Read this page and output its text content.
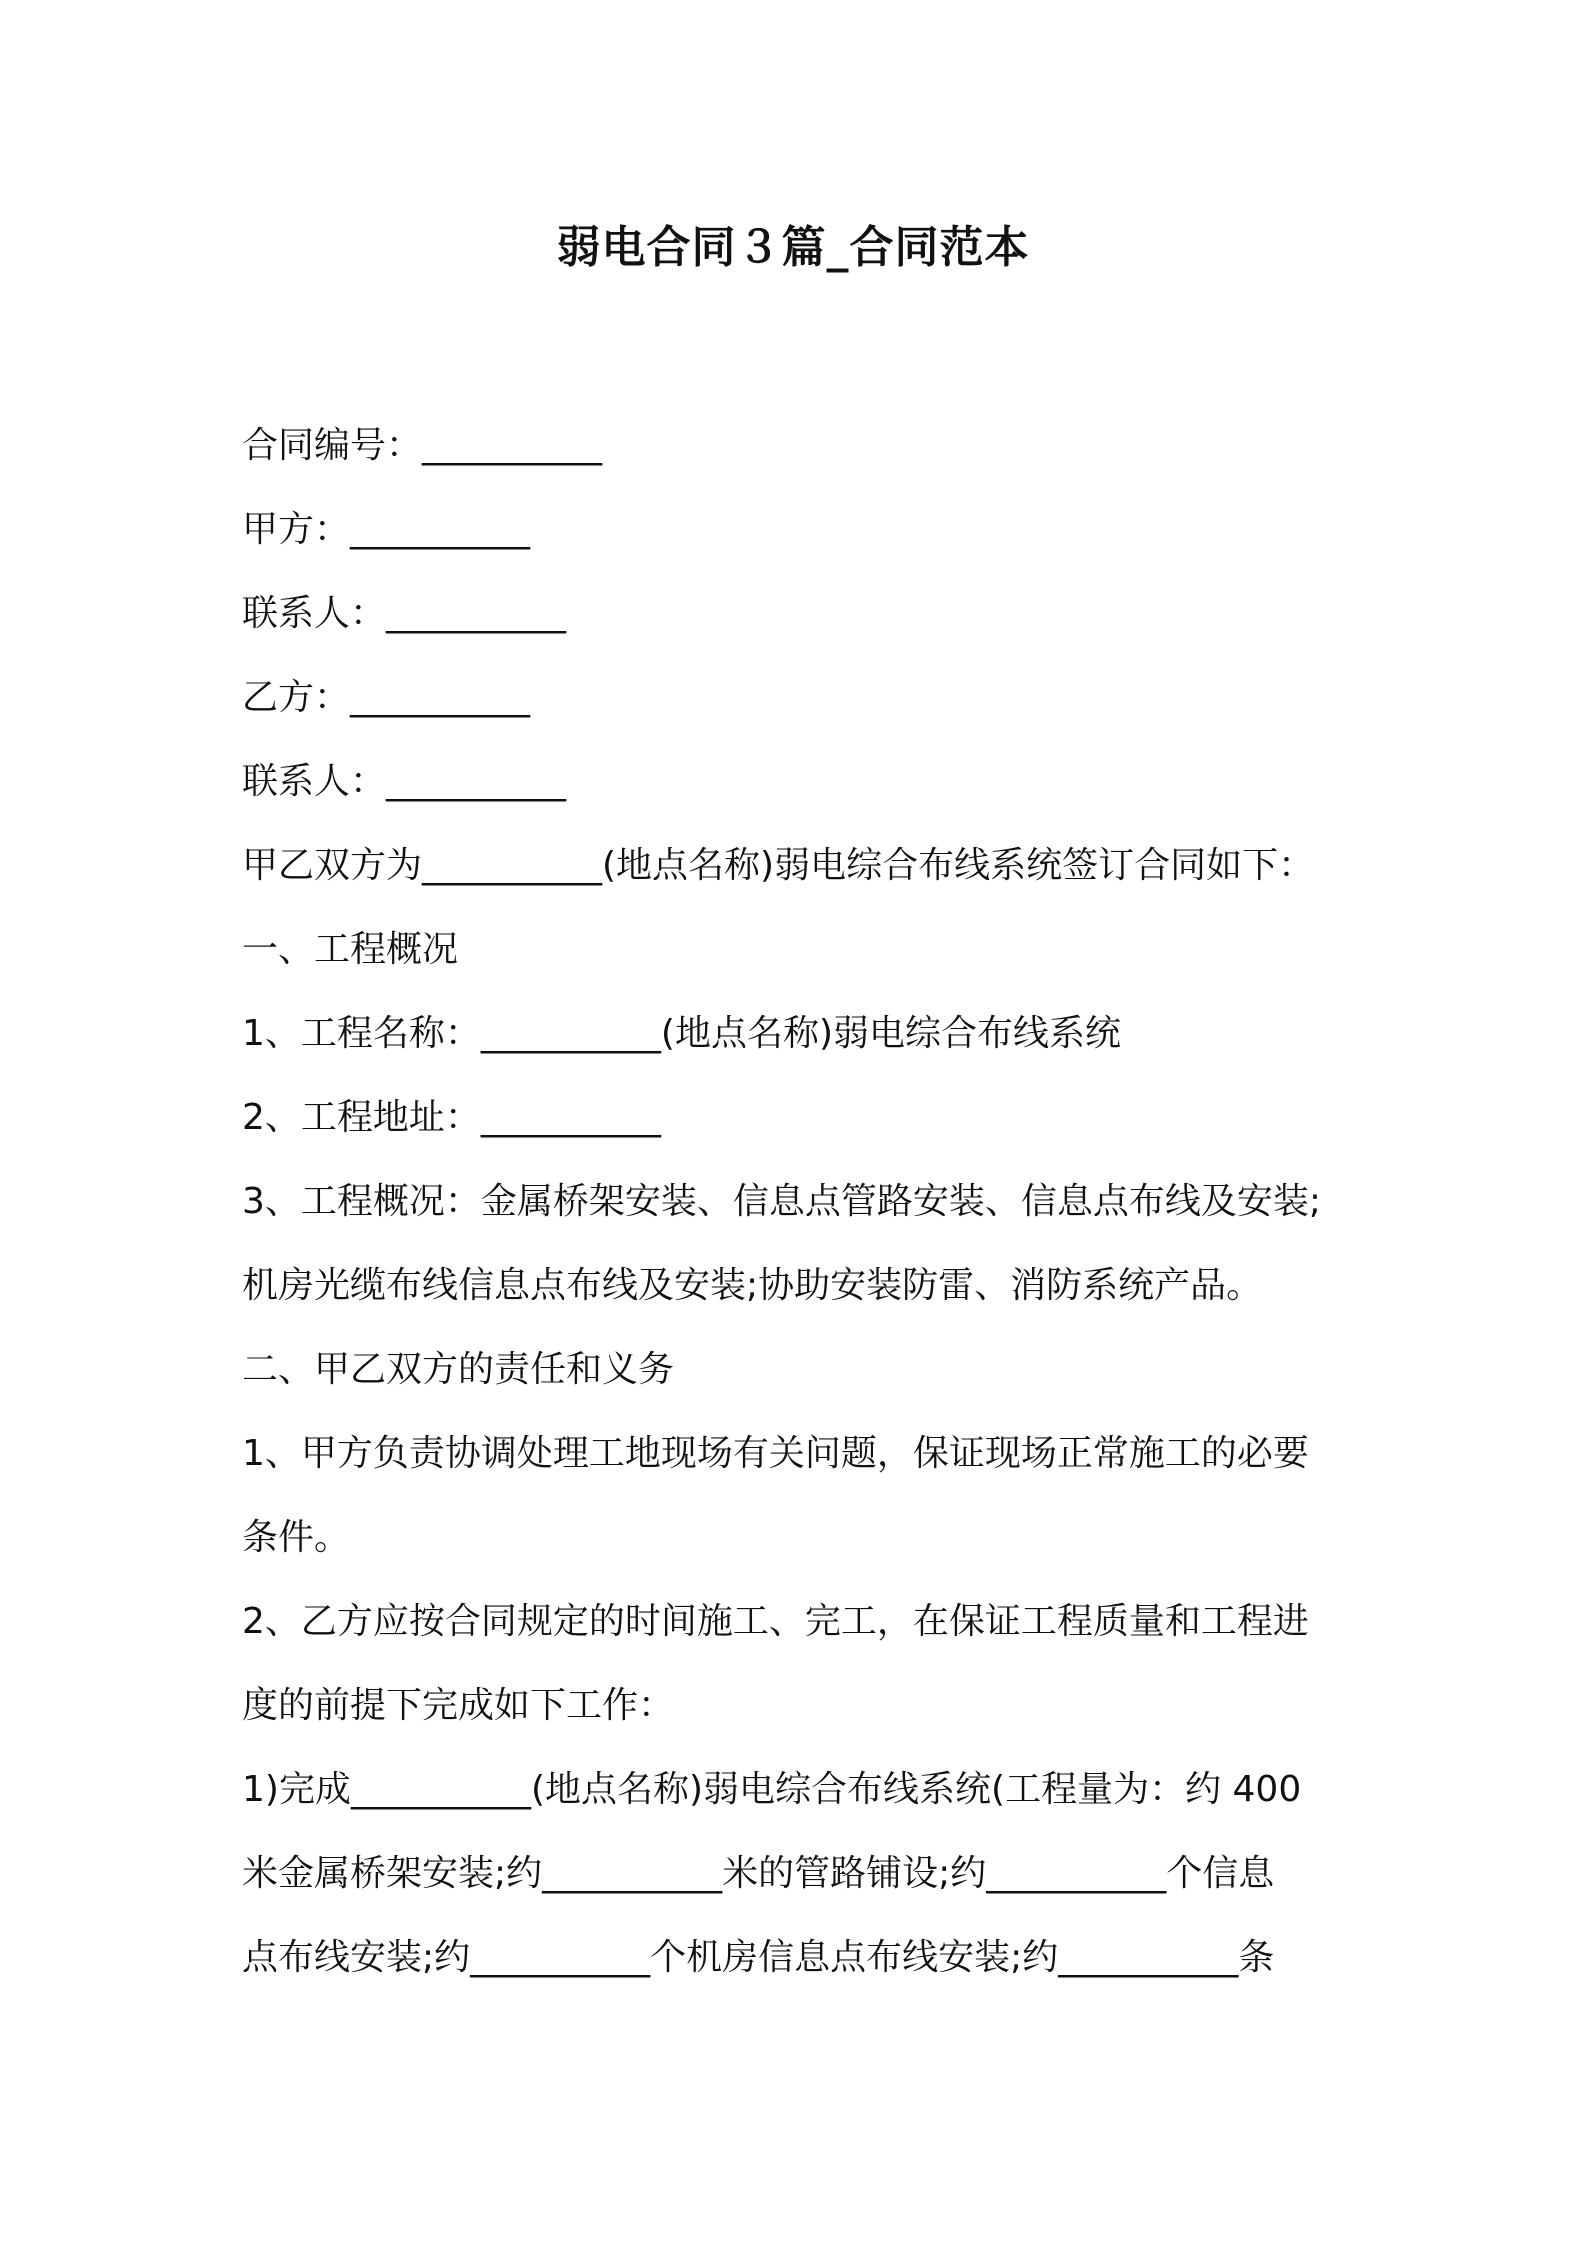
弱电合同３篇_合同范本
合同编号：__________
甲方：__________
联系人：__________
乙方：__________
联系人：__________
甲乙双方为__________(地点名称)弱电综合布线系统签订合同如下：
一、工程概况
1、工程名称：__________(地点名称)弱电综合布线系统
2、工程地址：__________
3、工程概况：金属桥架安装、信息点管路安装、信息点布线及安装;
机房光缆布线信息点布线及安装;协助安装防雷、消防系统产品。
二、甲乙双方的责任和义务
1、甲方负责协调处理工地现场有关问题，保证现场正常施工的必要
条件。
2、乙方应按合同规定的时间施工、完工，在保证工程质量和工程进
度的前提下完成如下工作：
1)完成__________(地点名称)弱电综合布线系统(工程量为：约 400
米金属桥架安装;约__________米的管路铺设;约__________个信息
点布线安装;约__________个机房信息点布线安装;约__________条
